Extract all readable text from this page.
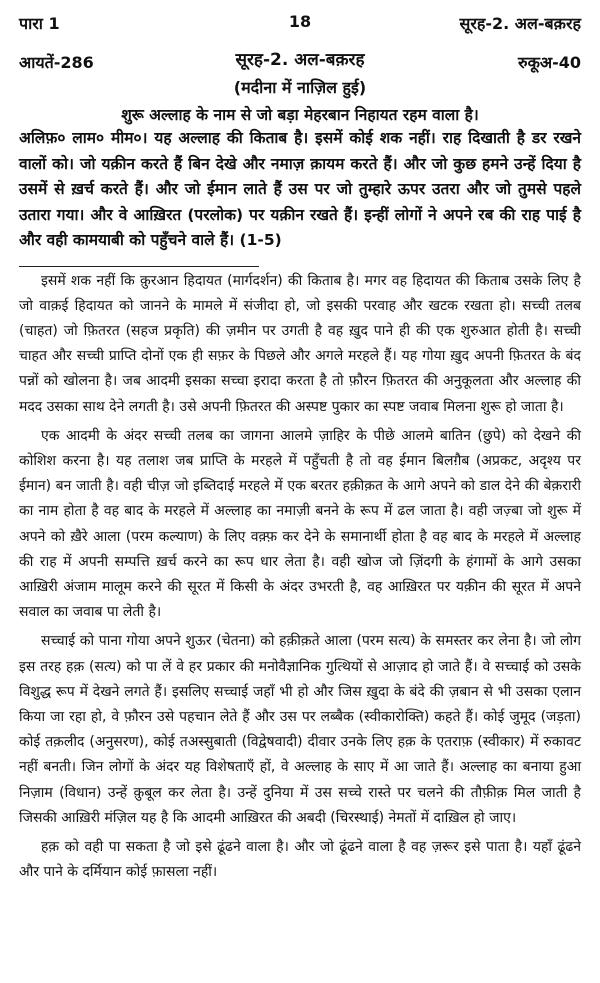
पारा 1	18	सूरह-2. अल-बक़रह
आयतें-286	सूरह-2. अल-बक़रह	रुकूअ-40
(मदीना में नाज़िल हुई)
शुरू अल्लाह के नाम से जो बड़ा मेहरबान निहायत रहम वाला है।
अलिफ़० लाम० मीम०। यह अल्लाह की किताब है। इसमें कोई शक नहीं। राह दिखाती है डर रखने वालों को। जो यक़ीन करते हैं बिन देखे और नमाज़ क़ायम करते हैं। और जो कुछ हमने उन्हें दिया है उसमें से ख़र्च करते हैं। और जो ईमान लाते हैं उस पर जो तुम्हारे ऊपर उतरा और जो तुमसे पहले उतारा गया। और वे आख़िरत (परलोक) पर यक़ीन रखते हैं। इन्हीं लोगों ने अपने रब की राह पाई है और वही कामयाबी को पहुँचने वाले हैं। (1-5)

इसमें शक नहीं कि क़ुरआन हिदायत (मार्गदर्शन) की किताब है। मगर वह हिदायत की किताब उसके लिए है जो वाक़ई हिदायत को जानने के मामले में संजीदा हो, जो इसकी परवाह और खटक रखता हो। सच्ची तलब (चाहत) जो फ़ितरत (सहज प्रकृति) की ज़मीन पर उगती है वह ख़ुद पाने ही की एक शुरुआत होती है। सच्ची चाहत और सच्ची प्राप्ति दोनों एक ही सफ़र के पिछले और अगले मरहले हैं। यह गोया ख़ुद अपनी फ़ितरत के बंद पन्नों को खोलना है। जब आदमी इसका सच्चा इरादा करता है तो फ़ौरन फ़ितरत की अनुकूलता और अल्लाह की मदद उसका साथ देने लगती है। उसे अपनी फ़ितरत की अस्पष्ट पुकार का स्पष्ट जवाब मिलना शुरू हो जाता है।

एक आदमी के अंदर सच्ची तलब का जागना आलमे ज़ाहिर के पीछे आलमे बातिन (छुपे) को देखने की कोशिश करना है। यह तलाश जब प्राप्ति के मरहले में पहुँचती है तो वह ईमान बिलग़ैब (अप्रकट, अदृश्य पर ईमान) बन जाती है। वही चीज़ जो इब्तिदाई मरहले में एक बरतर हक़ीक़त के आगे अपने को डाल देने की बेक़रारी का नाम होता है वह बाद के मरहले में अल्लाह का नमाज़ी बनने के रूप में ढल जाता है। वही जज़्बा जो शुरू में अपने को ख़ैरे आला (परम कल्याण) के लिए वक़्फ़ कर देने के समानार्थी होता है वह बाद के मरहले में अल्लाह की राह में अपनी सम्पत्ति ख़र्च करने का रूप धार लेता है। वही खोज जो ज़िंदगी के हंगामों के आगे उसका आख़िरी अंजाम मालूम करने की सूरत में किसी के अंदर उभरती है, वह आख़िरत पर यक़ीन की सूरत में अपने सवाल का जवाब पा लेती है।

सच्चाई को पाना गोया अपने शुऊर (चेतना) को हक़ीक़ते आला (परम सत्य) के समस्तर कर लेना है। जो लोग इस तरह हक़ (सत्य) को पा लें वे हर प्रकार की मनोवैज्ञानिक गुत्थियों से आज़ाद हो जाते हैं। वे सच्चाई को उसके विशुद्ध रूप में देखने लगते हैं। इसलिए सच्चाई जहाँ भी हो और जिस ख़ुदा के बंदे की ज़बान से भी उसका एलान किया जा रहा हो, वे फ़ौरन उसे पहचान लेते हैं और उस पर लब्बैक (स्वीकारोक्ति) कहते हैं। कोई जुमूद (जड़ता) कोई तक़लीद (अनुसरण), कोई तअस्सुबाती (विद्वेषवादी) दीवार उनके लिए हक़ के एतराफ़ (स्वीकार) में रुकावट नहीं बनती। जिन लोगों के अंदर यह विशेषताएँ हों, वे अल्लाह के साए में आ जाते हैं। अल्लाह का बनाया हुआ निज़ाम (विधान) उन्हें क़ुबूल कर लेता है। उन्हें दुनिया में उस सच्चे रास्ते पर चलने की तौफ़ीक़ मिल जाती है जिसकी आख़िरी मंज़िल यह है कि आदमी आख़िरत की अबदी (चिरस्थाई) नेमतों में दाख़िल हो जाए।

हक़ को वही पा सकता है जो इसे ढूंढने वाला है। और जो ढूंढने वाला है वह ज़रूर इसे पाता है। यहाँ ढूंढने और पाने के दर्मियान कोई फ़ासला नहीं।
